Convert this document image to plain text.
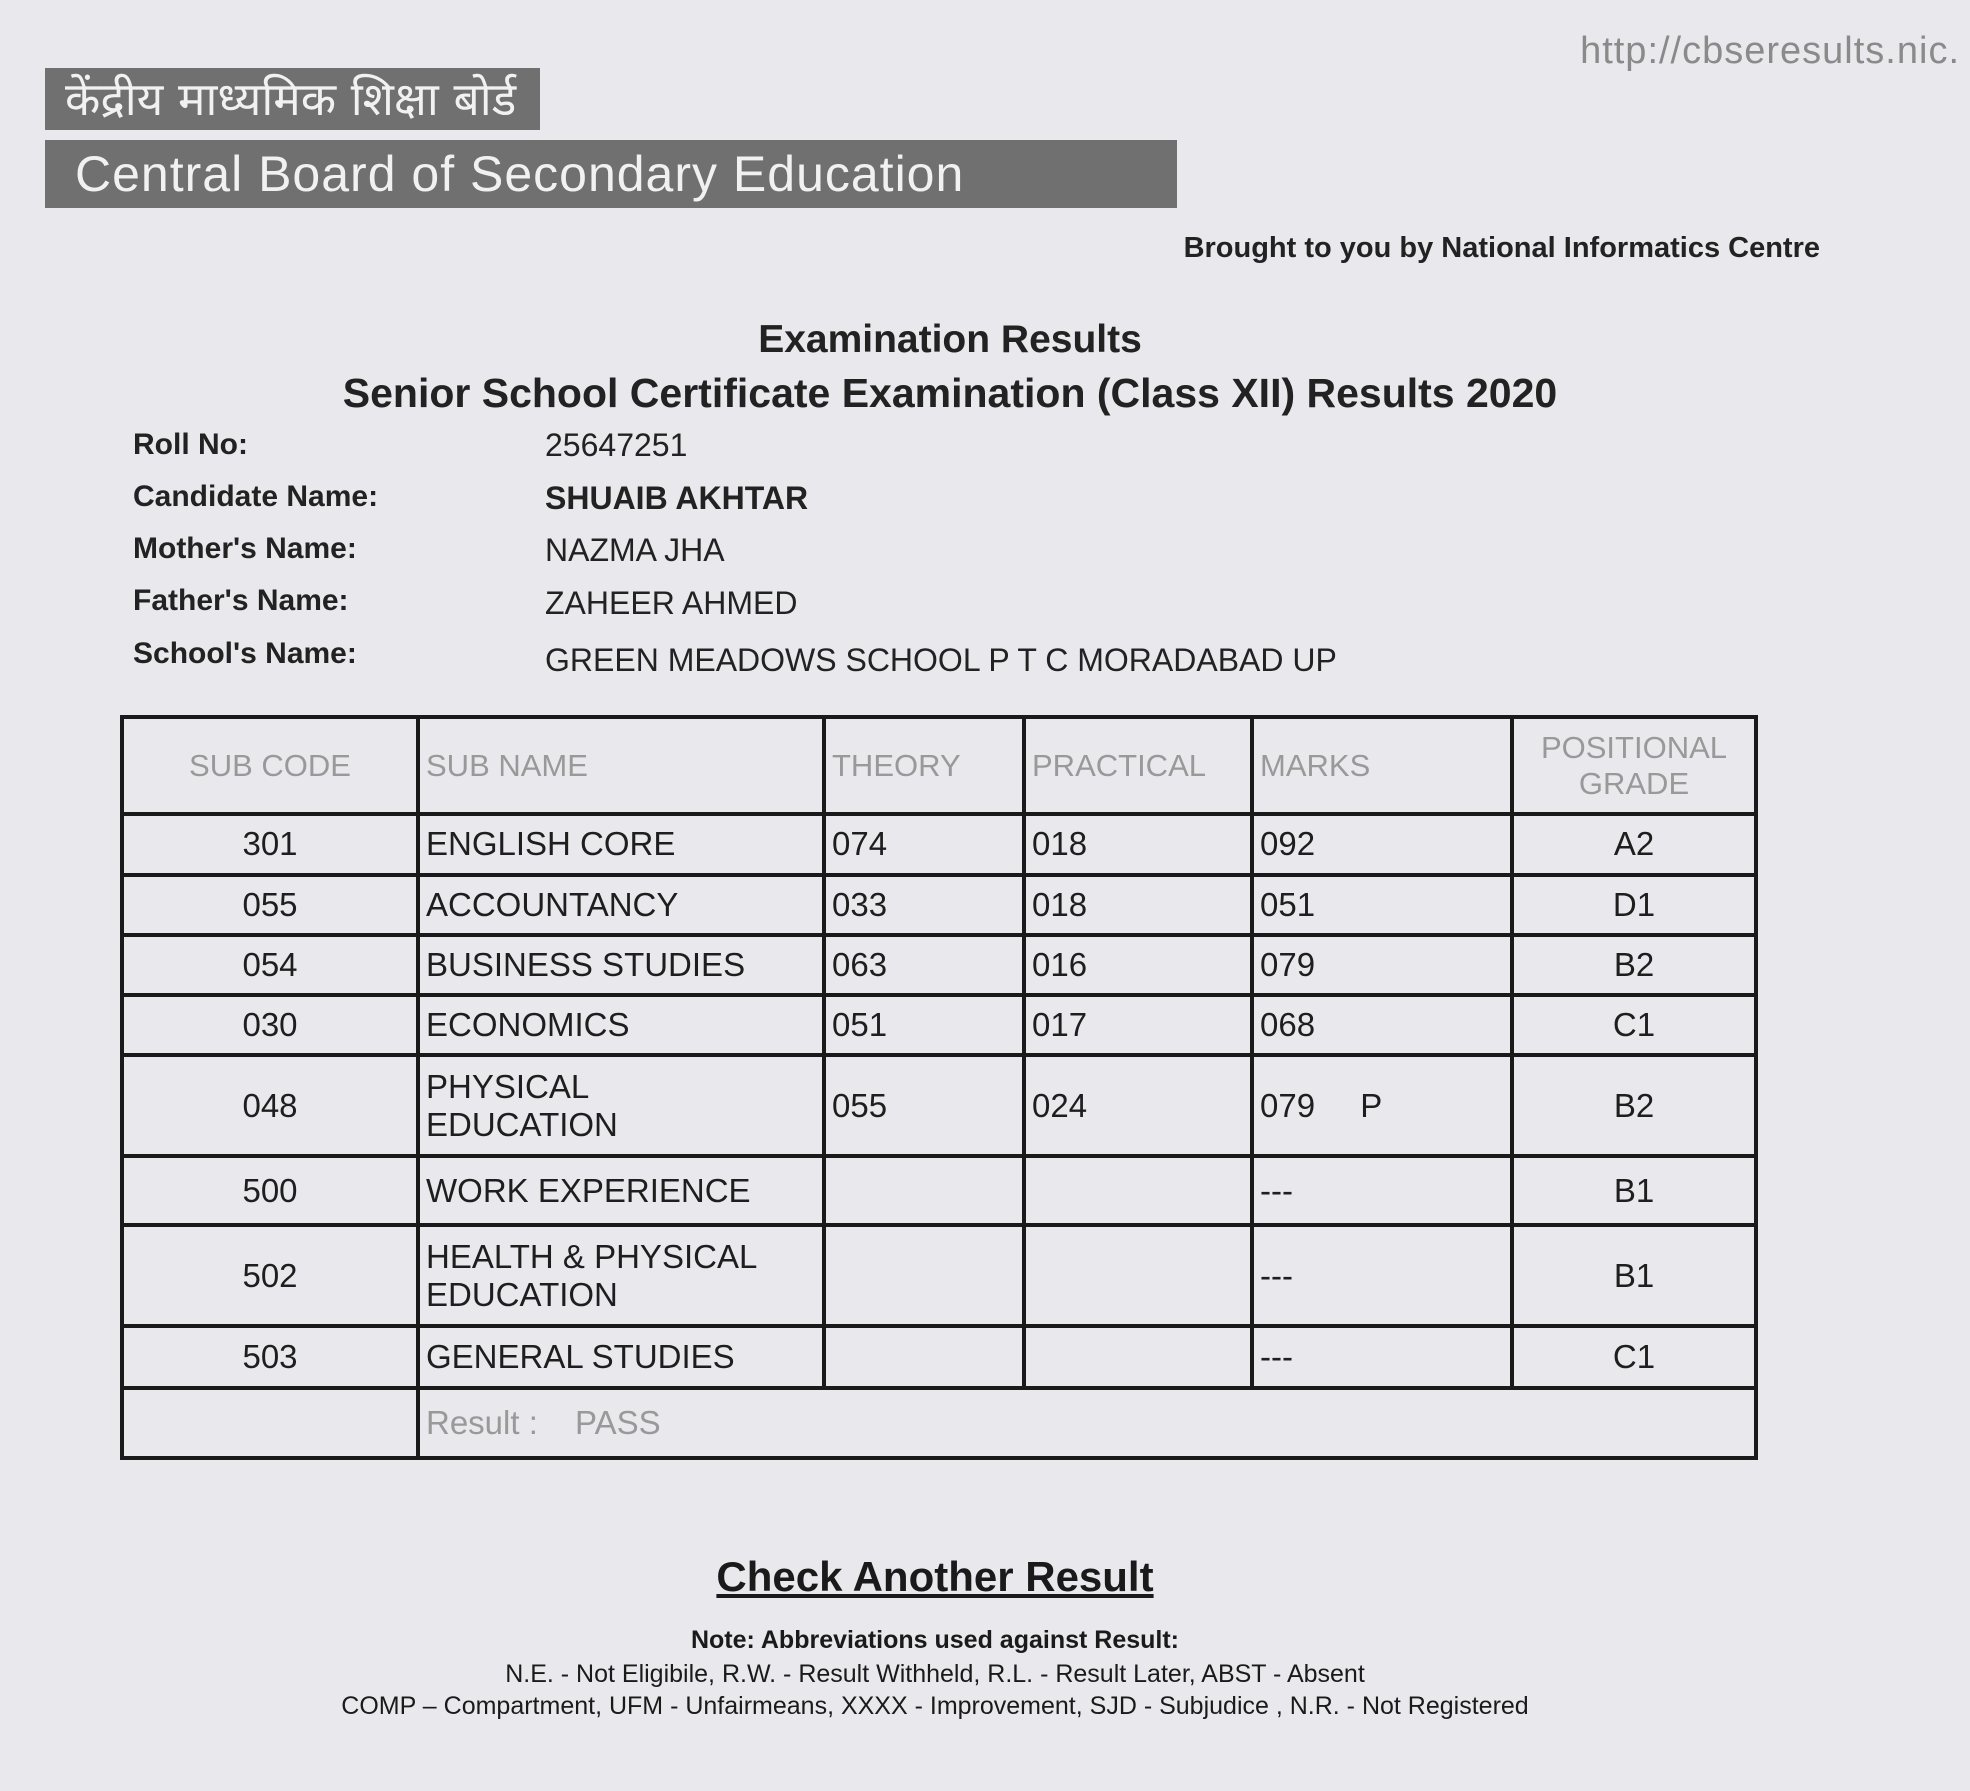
http://cbseresults.nic.
केंद्रीय माध्यमिक शिक्षा बोर्ड
Central Board of Secondary Education
Brought to you by National Informatics Centre
Examination Results
Senior School Certificate Examination (Class XII) Results 2020
Roll No:	25647251
Candidate Name:	SHUAIB AKHTAR
Mother's Name:	NAZMA JHA
Father's Name:	ZAHEER AHMED
School's Name:	GREEN MEADOWS SCHOOL P T C MORADABAD UP
SUB CODE	SUB NAME	THEORY	PRACTICAL	MARKS	POSITIONAL
GRADE

301	ENGLISH CORE	074	018	092	A2
055	ACCOUNTANCY	033	018	051	D1
054	BUSINESS STUDIES	063	016	079	B2
030	ECONOMICS	051	017	068	C1
048	PHYSICAL
EDUCATION	055	024	079 P	B2
500	WORK EXPERIENCE			---	B1
502	HEALTH & PHYSICAL
EDUCATION			---	B1
503	GENERAL STUDIES			---	C1
	Result : PASS				
Check Another Result
Note: Abbreviations used against Result:
N.E. - Not Eligibile, R.W. - Result Withheld, R.L. - Result Later, ABST - Absent
COMP – Compartment, UFM - Unfairmeans, XXXX - Improvement, SJD - Subjudice , N.R. - Not Registered
